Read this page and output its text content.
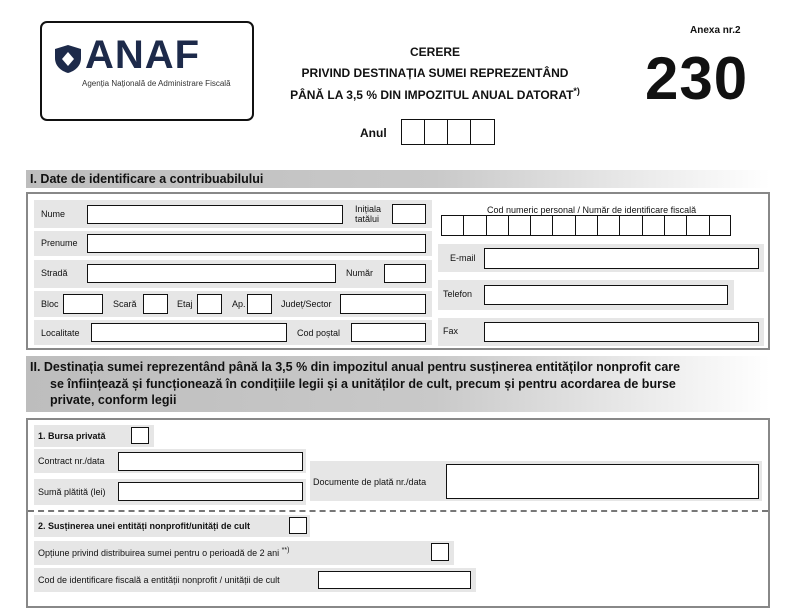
ANAF
Agenția Națională de Administrare Fiscală
CERERE
PRIVIND DESTINAȚIA SUMEI REPREZENTÂND
PÂNĂ LA 3,5 % DIN IMPOZITUL ANUAL DATORAT*)
Anexa nr.2
230
Anul
I. Date de identificare a contribuabilului
Nume	Inițiala
tatălui
Prenume
Stradă	Număr
Bloc	Scară	Etaj	Ap.	Județ/Sector
Localitate	Cod poștal
Cod numeric personal / Număr de identificare fiscală
E-mail
Telefon
Fax
II. Destinația sumei reprezentând până la 3,5 % din impozitul anual pentru susținerea entităților nonprofit care
se înființează și funcționează în condițiile legii și a unităților de cult, precum și pentru acordarea de burse
private, conform legii
1. Bursa privată
Contract nr./data
Sumă plătită (lei)
Documente de plată nr./data
2. Susținerea unei entități nonprofit/unități de cult
Opțiune privind distribuirea sumei pentru o perioadă de 2 ani **)
Cod de identificare fiscală a entității nonprofit / unității de cult
